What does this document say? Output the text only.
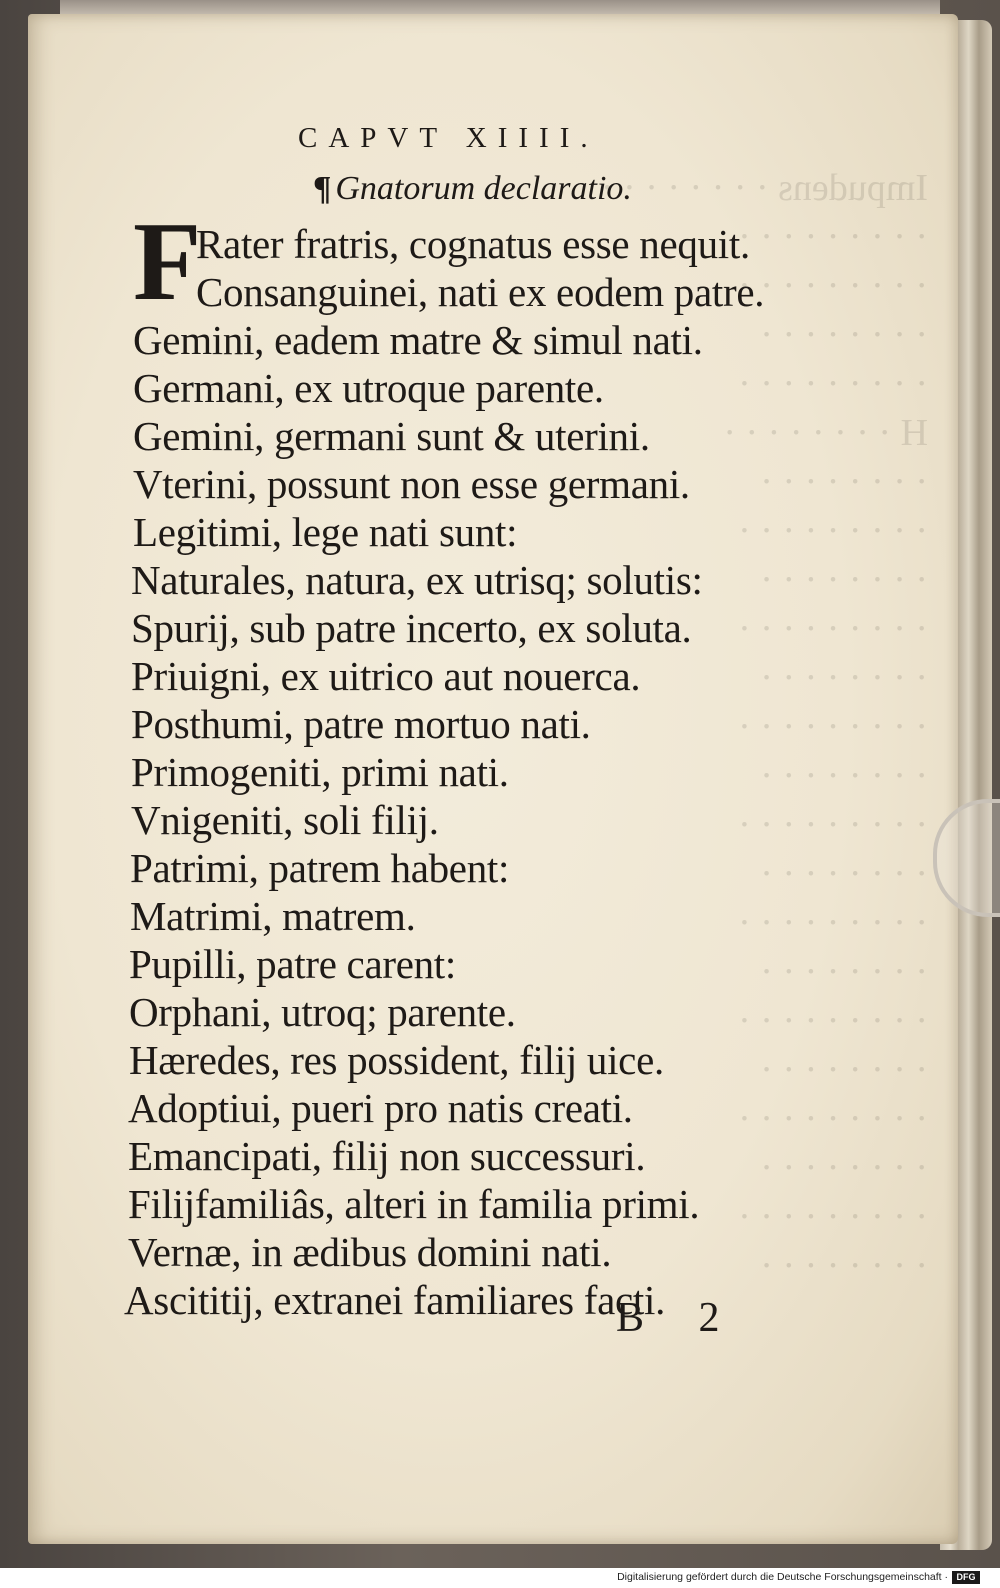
Impudens · · · · · · · ·
· · · · · · · · ·
· · · · · · · · ·
· · · · · · · ·
· · · · · · · · ·
H · · · · · · · ·
· · · · · · · ·
· · · · · · · · ·
· · · · · · · ·
· · · · · · · · ·
· · · · · · · ·
· · · · · · · · ·
· · · · · · · ·
· · · · · · · · ·
· · · · · · · ·
· · · · · · · · ·
· · · · · · · ·
· · · · · · · · ·
· · · · · · · ·
· · · · · · · · ·
· · · · · · · ·
· · · · · · · · ·
· · · · · · · ·
CAPVT XIIII.
¶ Gnatorum declaratio.
F
Rater fratris, cognatus esse nequit.
Consanguinei, nati ex eodem patre.
Gemini, eadem matre & simul nati.
Germani, ex utroque parente.
Gemini, germani sunt & uterini.
Vterini, possunt non esse germani.
Legitimi, lege nati sunt:
Naturales, natura, ex utrisq; solutis:
Spurij, sub patre incerto, ex soluta.
Priuigni, ex uitrico aut nouerca.
Posthumi, patre mortuo nati.
Primogeniti, primi nati.
Vnigeniti, soli filij.
Patrimi, patrem habent:
Matrimi, matrem.
Pupilli, patre carent:
Orphani, utroq; parente.
Hæredes, res possident, filij uice.
Adoptiui, pueri pro natis creati.
Emancipati, filij non successuri.
Filijfamiliâs, alteri in familia primi.
Vernæ, in ædibus domini nati.
Ascititij, extranei familiares facti.
B 2
Digitalisierung gefördert durch die Deutsche Forschungsgemeinschaft · DFG
